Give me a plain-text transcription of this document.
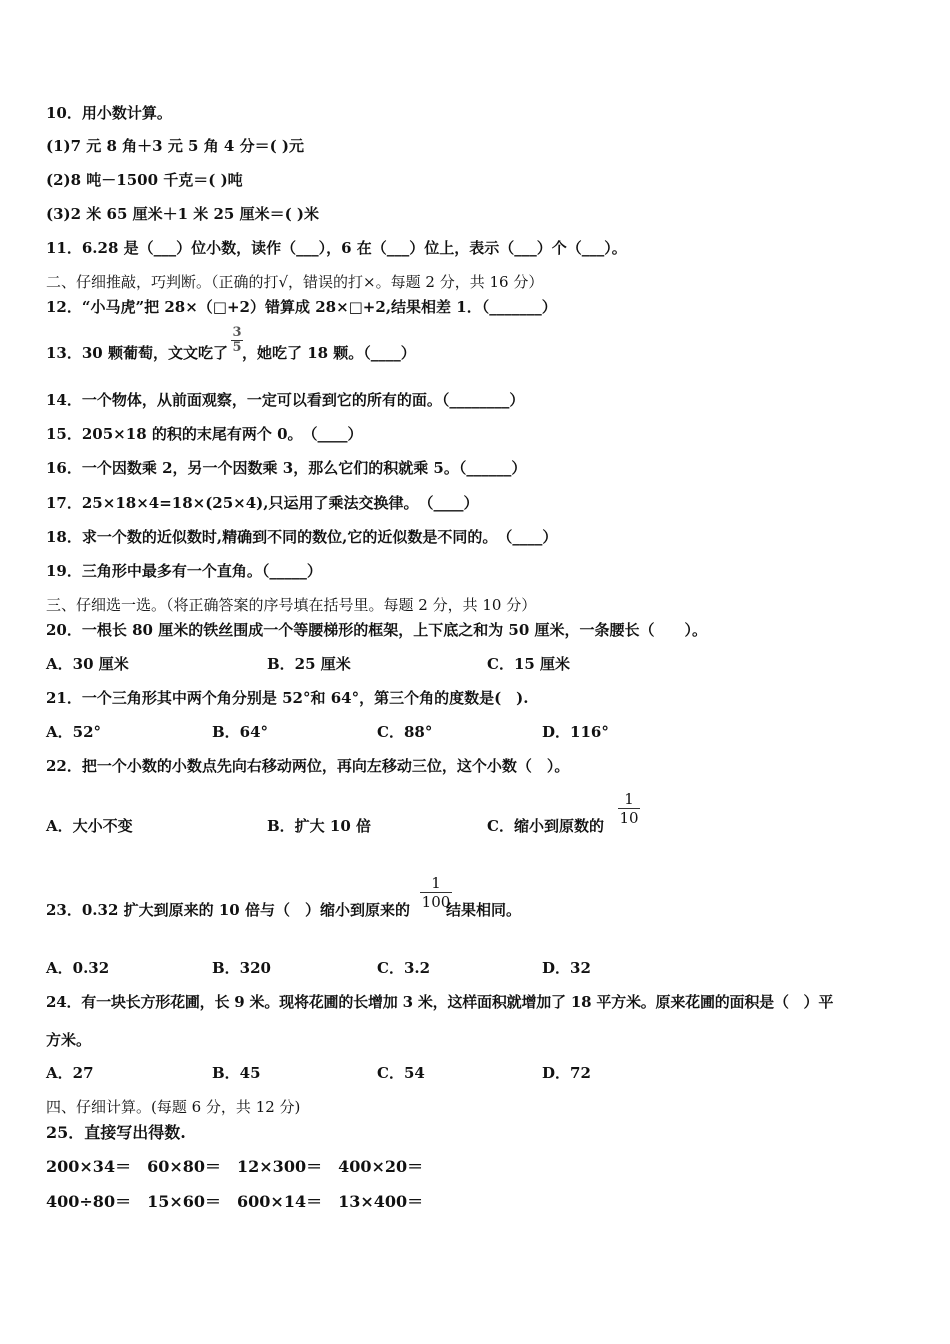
10．用小数计算。
(1)7 元 8 角＋3 元 5 角 4 分＝( )元
(2)8 吨－1500 千克＝( )吨
(3)2 米 65 厘米＋1 米 25 厘米＝( )米
11．6.28 是（___）位小数，读作（___），6 在（___）位上，表示（___）个（___）。
二、仔细推敲，巧判断。（正确的打√，错误的打×。每题 2 分，共 16 分）
12．“小马虎”把 28×（□+2）错算成 28×□+2,结果相差 1．（_______）
13．30 颗葡萄，文文吃了 ，她吃了 18 颗。（____）
3
5
14．一个物体，从前面观察，一定可以看到它的所有的面。（________）
15．205×18 的积的末尾有两个 0。　（____）
16．一个因数乘 2，另一个因数乘 3，那么它们的积就乘 5。（______）
17．25×18×4=18×(25×4),只运用了乘法交换律。　（____）
18．求一个数的近似数时,精确到不同的数位,它的近似数是不同的。　（____）
19．三角形中最多有一个直角。（_____）
三、仔细选一选。（将正确答案的序号填在括号里。每题 2 分，共 10 分）
20．一根长 80 厘米的铁丝围成一个等腰梯形的框架，上下底之和为 50 厘米，一条腰长（　　）。
A．30 厘米	B．25 厘米	C．15 厘米
21．一个三角形其中两个角分别是 52°和 64°，第三个角的度数是(　).
A．52°	B．64°	C．88°	D．116°
22．把一个小数的小数点先向右移动两位，再向左移动三位，这个小数（　）。
A．大小不变	B．扩大 10 倍	C．缩小到原数的
1
10
23．0.32 扩大到原来的 10 倍与（　）缩小到原来的 结果相同。
1
100
A．0.32	B．320	C．3.2	D．32
24．有一块长方形花圃，长 9 米。现将花圃的长增加 3 米，这样面积就增加了 18 平方米。原来花圃的面积是（　）平
方米。
A．27	B．45	C．54	D．72
四、仔细计算。(每题 6 分，共 12 分)
25．直接写出得数.
200×34＝　60×80＝　12×300＝　400×20＝
400÷80＝　15×60＝　600×14＝　13×400＝
